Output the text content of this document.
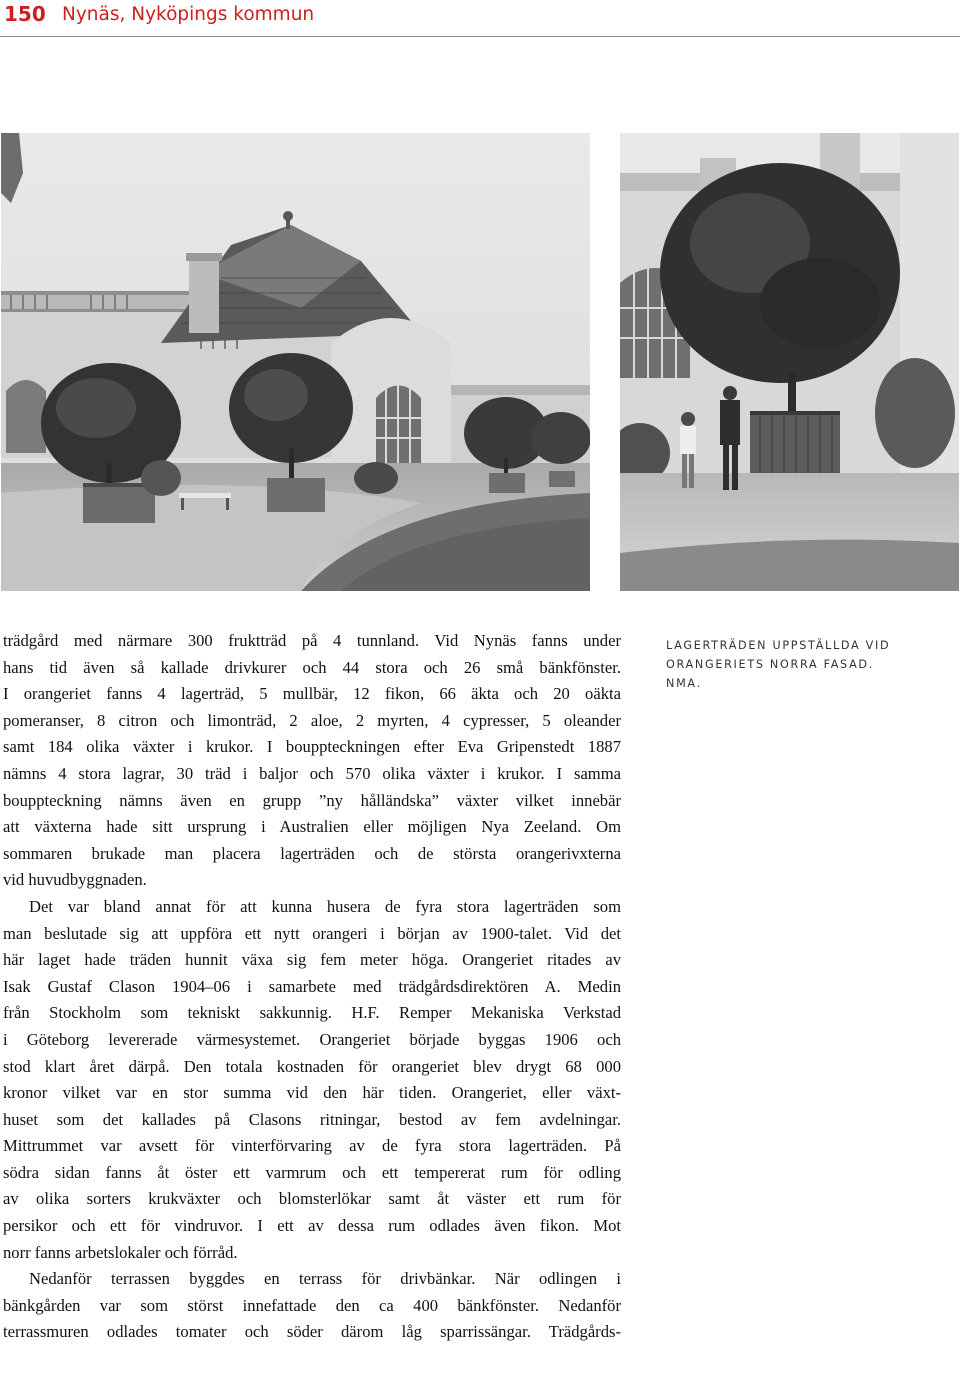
150 Nynäs, Nyköpings kommun
LAGERTRÄDEN UPPSTÄLLDA VID
ORANGERIETS NORRA FASAD.
NMA.
trädgård med närmare 300 fruktträd på 4 tunnland. Vid Nynäs fanns under
hans tid även så kallade drivkurer och 44 stora och 26 små bänkfönster.
I orangeriet fanns 4 lagerträd, 5 mullbär, 12 fikon, 66 äkta och 20 oäkta
pomeranser, 8 citron och limonträd, 2 aloe, 2 myrten, 4 cypresser, 5 oleander
samt 184 olika växter i krukor. I bouppteckningen efter Eva Gripenstedt 1887
nämns 4 stora lagrar, 30 träd i baljor och 570 olika växter i krukor. I samma
bouppteckning nämns även en grupp ”ny hålländska” växter vilket innebär
att växterna hade sitt ursprung i Australien eller möjligen Nya Zeeland. Om
sommaren brukade man placera lagerträden och de största orangerivxterna
vid huvudbyggnaden.
Det var bland annat för att kunna husera de fyra stora lagerträden som
man beslutade sig att uppföra ett nytt orangeri i början av 1900-talet. Vid det
här laget hade träden hunnit växa sig fem meter höga. Orangeriet ritades av
Isak Gustaf Clason 1904–06 i samarbete med trädgårdsdirektören A. Medin
från Stockholm som tekniskt sakkunnig. H.F. Remper Mekaniska Verkstad
i Göteborg levererade värmesystemet. Orangeriet började byggas 1906 och
stod klart året därpå. Den totala kostnaden för orangeriet blev drygt 68 000
kronor vilket var en stor summa vid den här tiden. Orangeriet, eller växt-
huset som det kallades på Clasons ritningar, bestod av fem avdelningar.
Mittrummet var avsett för vinterförvaring av de fyra stora lagerträden. På
södra sidan fanns åt öster ett varmrum och ett tempererat rum för odling
av olika sorters krukväxter och blomsterlökar samt åt väster ett rum för
persikor och ett för vindruvor. I ett av dessa rum odlades även fikon. Mot
norr fanns arbetslokaler och förråd.
Nedanför terrassen byggdes en terrass för drivbänkar. När odlingen i
bänkgården var som störst innefattade den ca 400 bänkfönster. Nedanför
terrassmuren odlades tomater och söder därom låg sparrissängar. Trädgårds-
